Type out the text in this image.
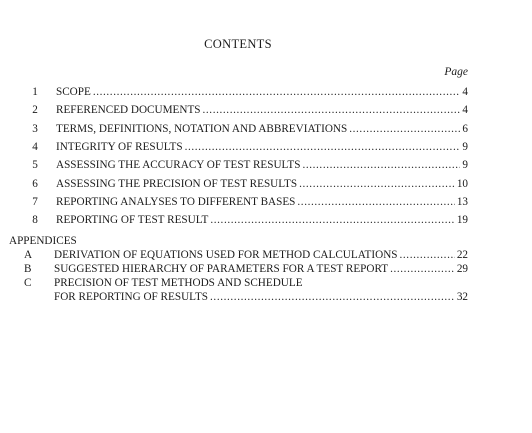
CONTENTS
Page
1 SCOPE .....	4
2 REFERENCED DOCUMENTS .....	4
3 TERMS, DEFINITIONS, NOTATION AND ABBREVIATIONS .....	6
4 INTEGRITY OF RESULTS .....	9
5 ASSESSING THE ACCURACY OF TEST RESULTS .....	9
6 ASSESSING THE PRECISION OF TEST RESULTS .....	10
7 REPORTING ANALYSES TO DIFFERENT BASES .....	13
8 REPORTING OF TEST RESULT .....	19
APPENDICES
A	DERIVATION OF EQUATIONS USED FOR METHOD CALCULATIONS .....	22
B	SUGGESTED HIERARCHY OF PARAMETERS FOR A TEST REPORT .....	29
C	PRECISION OF TEST METHODS AND SCHEDULE
FOR REPORTING OF RESULTS .....	32
